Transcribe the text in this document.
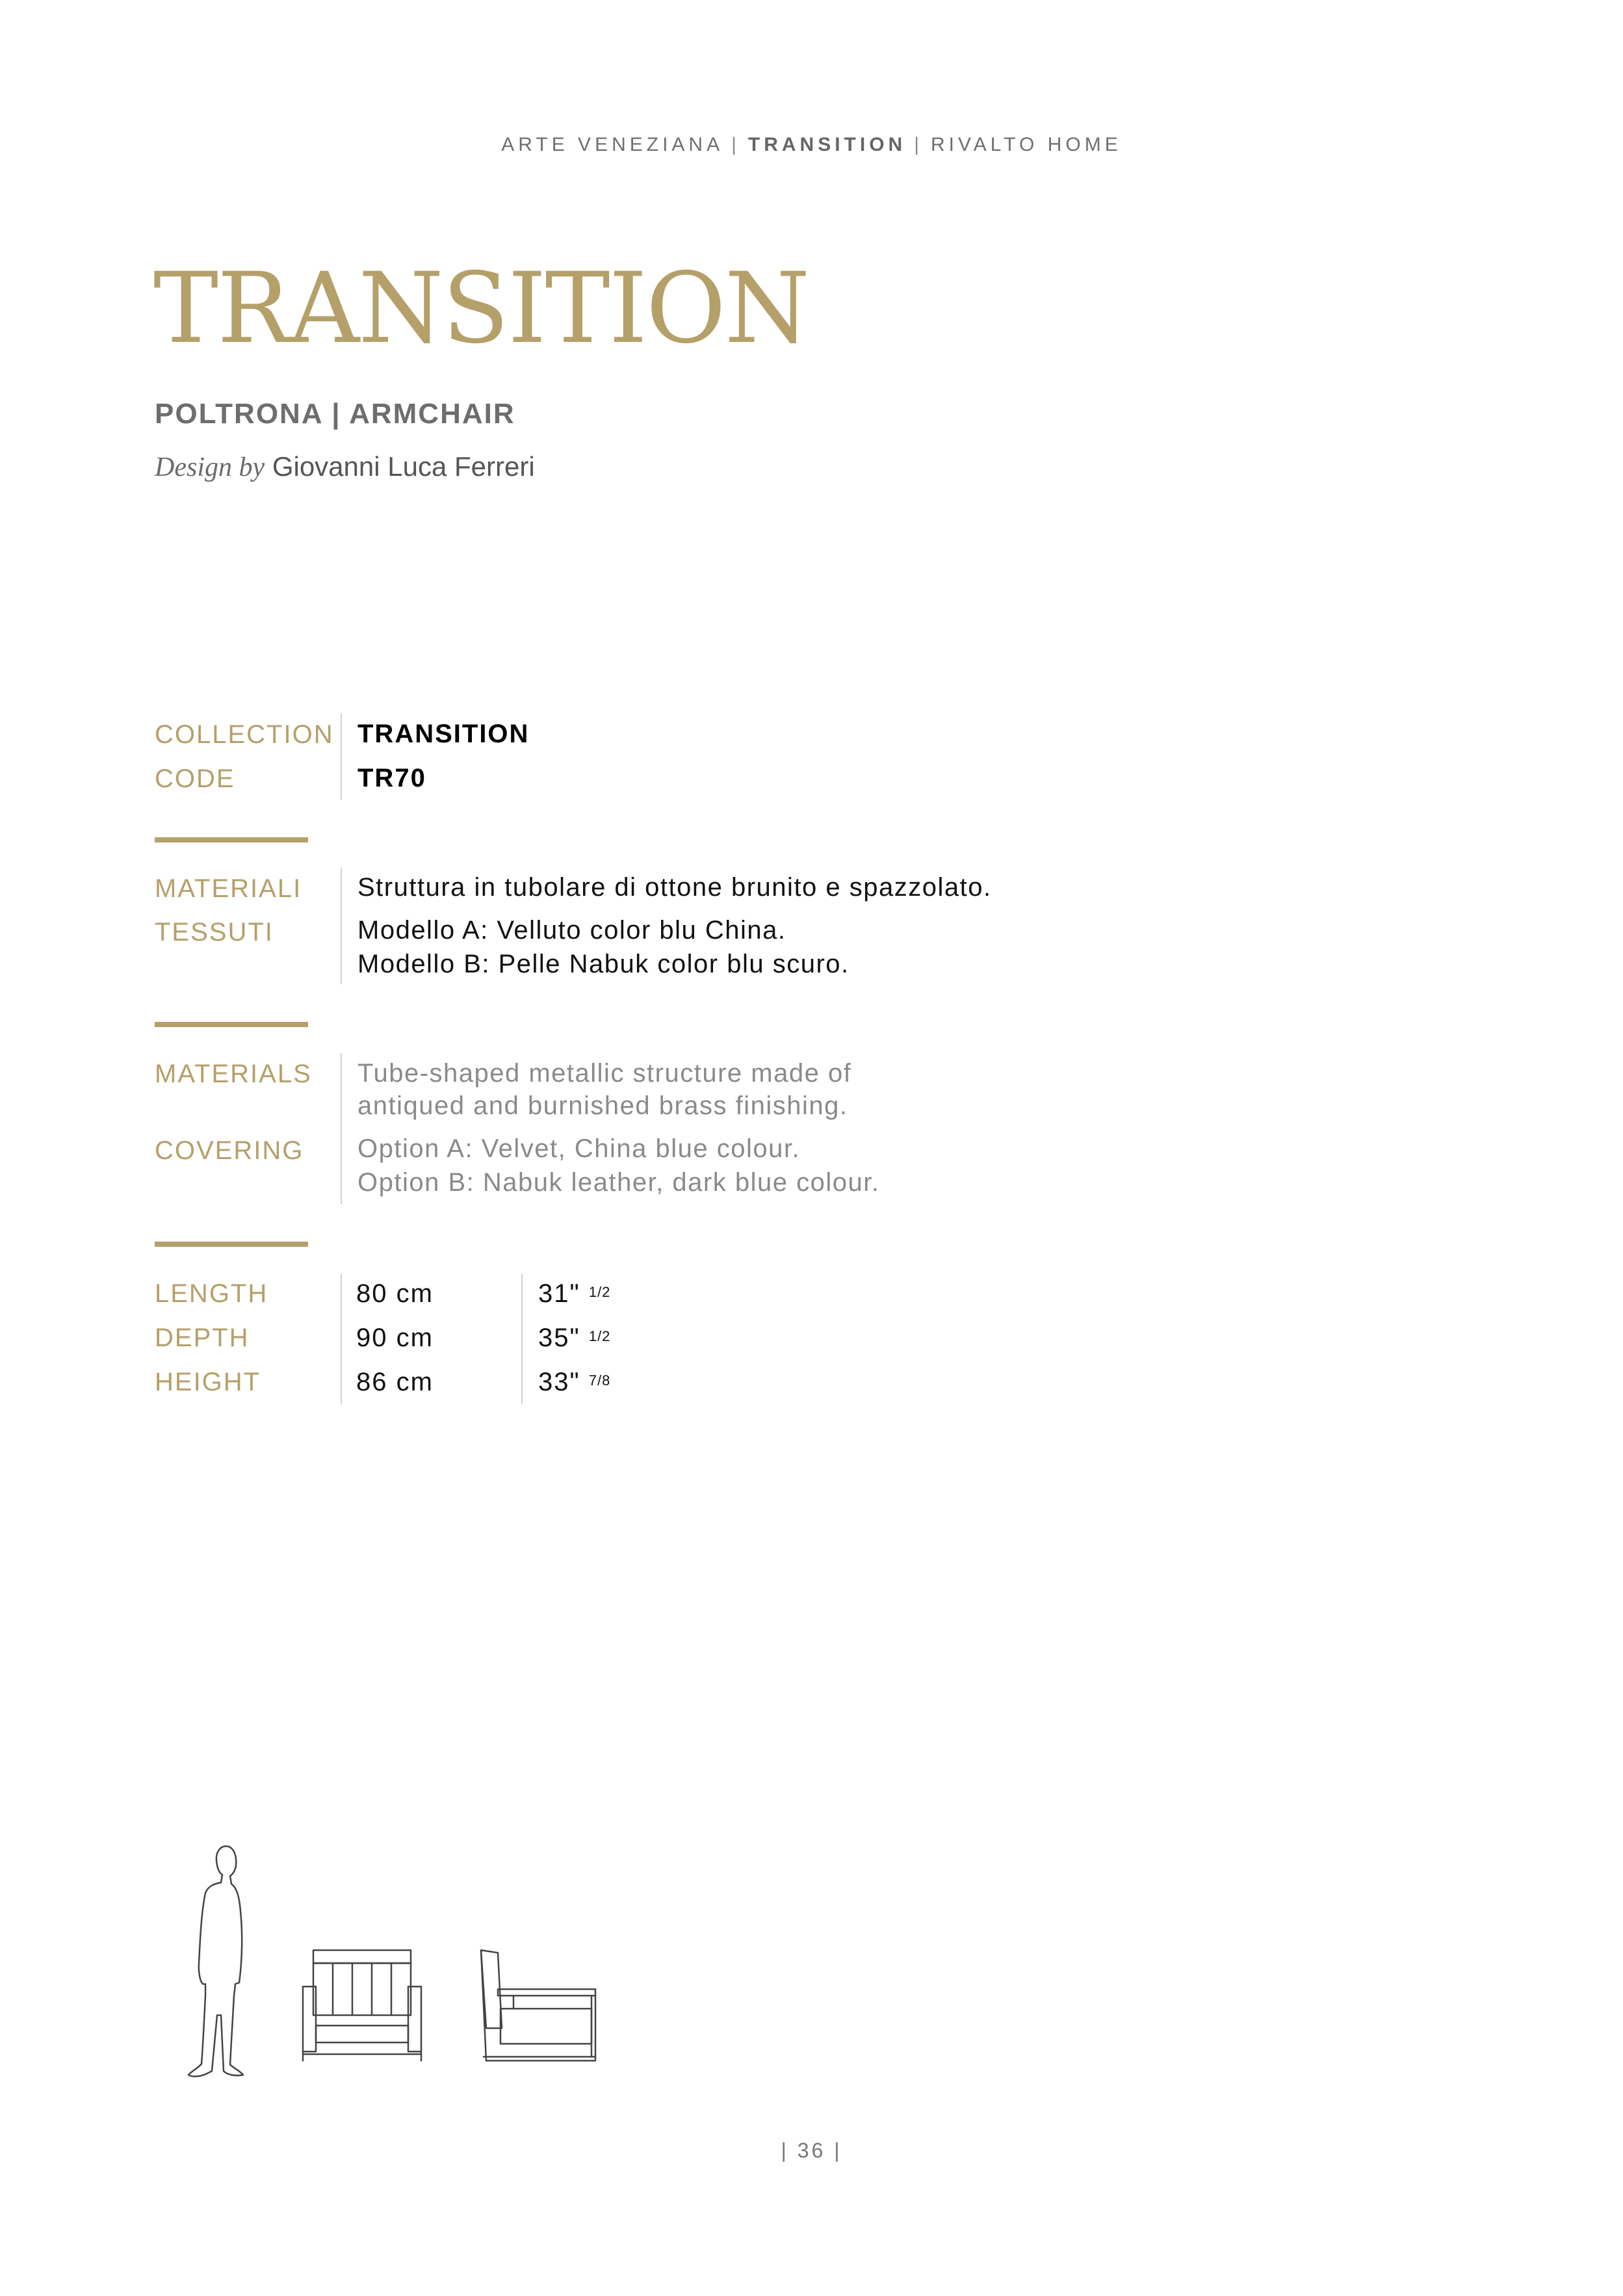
ARTE VENEZIANA | TRANSITION | RIVALTO HOME
TRANSITION
POLTRONA | ARMCHAIR
Design by Giovanni Luca Ferreri
COLLECTION
CODE
TRANSITION
TR70
MATERIALI
TESSUTI
Struttura in tubolare di ottone brunito e spazzolato.
Modello A: Velluto color blu China.
Modello B: Pelle Nabuk color blu scuro.
MATERIALS
COVERING
Tube-shaped metallic structure made of
antiqued and burnished brass finishing.
Option A: Velvet, China blue colour.
Option B: Nabuk leather, dark blue colour.
LENGTH
DEPTH
HEIGHT
80 cm
90 cm
86 cm
31" $^{1/2}$
35" $^{1/2}$
33" $^{7/8}$
| 36 |
